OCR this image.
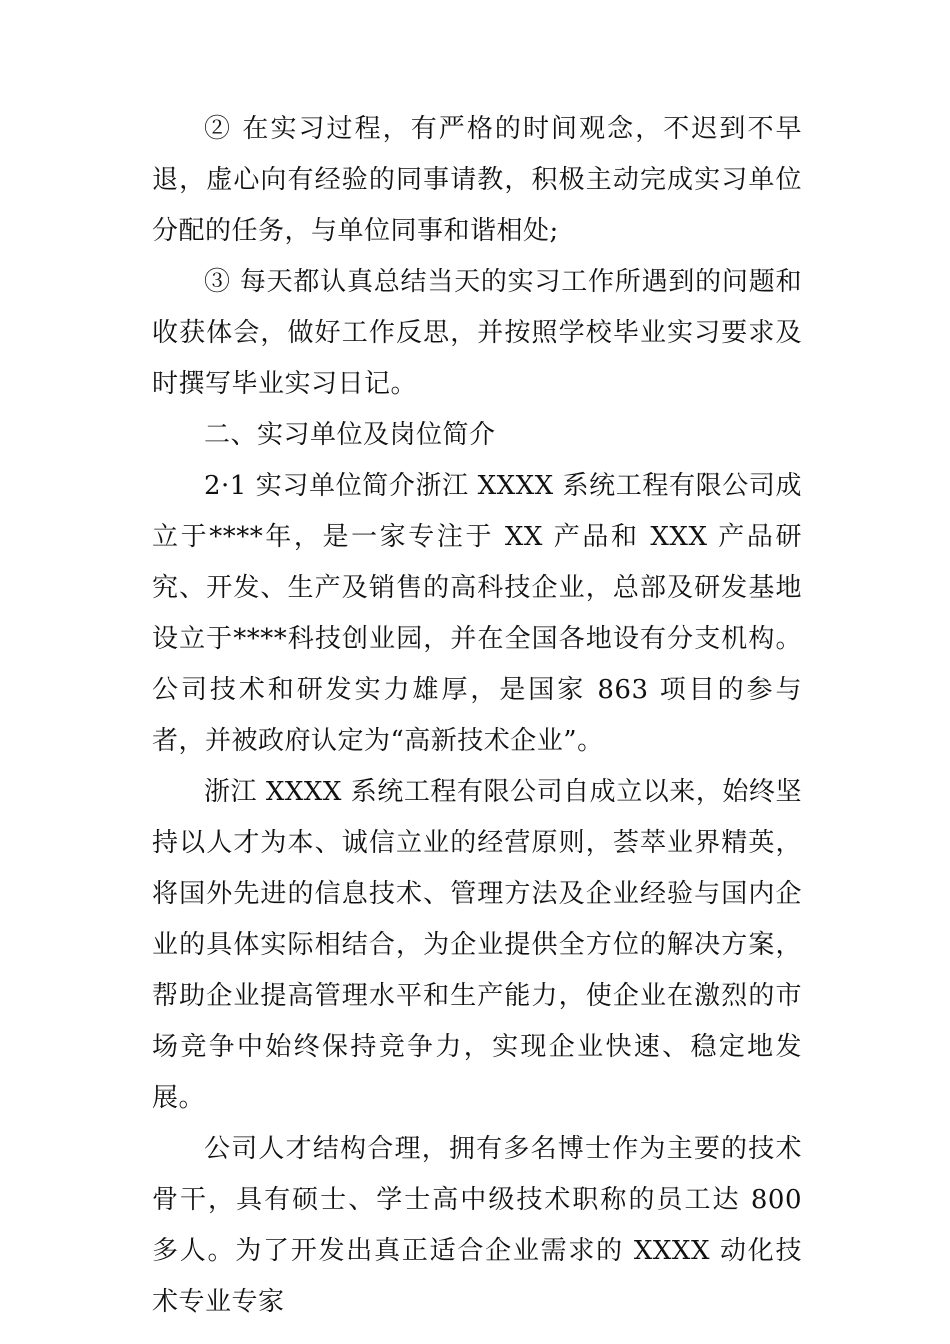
② 在实习过程，有严格的时间观念，不迟到不早退，虚心向有经验的同事请教，积极主动完成实习单位分配的任务，与单位同事和谐相处;

③ 每天都认真总结当天的实习工作所遇到的问题和收获体会，做好工作反思，并按照学校毕业实习要求及时撰写毕业实习日记。

二、实习单位及岗位简介

2·1 实习单位简介浙江 XXXX 系统工程有限公司成立于****年，是一家专注于 XX 产品和 XXX 产品研究、开发、生产及销售的高科技企业，总部及研发基地设立于****科技创业园，并在全国各地设有分支机构。公司技术和研发实力雄厚，是国家 863 项目的参与者，并被政府认定为“高新技术企业”。

浙江 XXXX 系统工程有限公司自成立以来，始终坚持以人才为本、诚信立业的经营原则，荟萃业界精英，将国外先进的信息技术、管理方法及企业经验与国内企业的具体实际相结合，为企业提供全方位的解决方案，帮助企业提高管理水平和生产能力，使企业在激烈的市场竞争中始终保持竞争力，实现企业快速、稳定地发展。

公司人才结构合理，拥有多名博士作为主要的技术骨干，具有硕士、学士高中级技术职称的员工达 800 多人。为了开发出真正适合企业需求的 XXXX 动化技术专业专家
